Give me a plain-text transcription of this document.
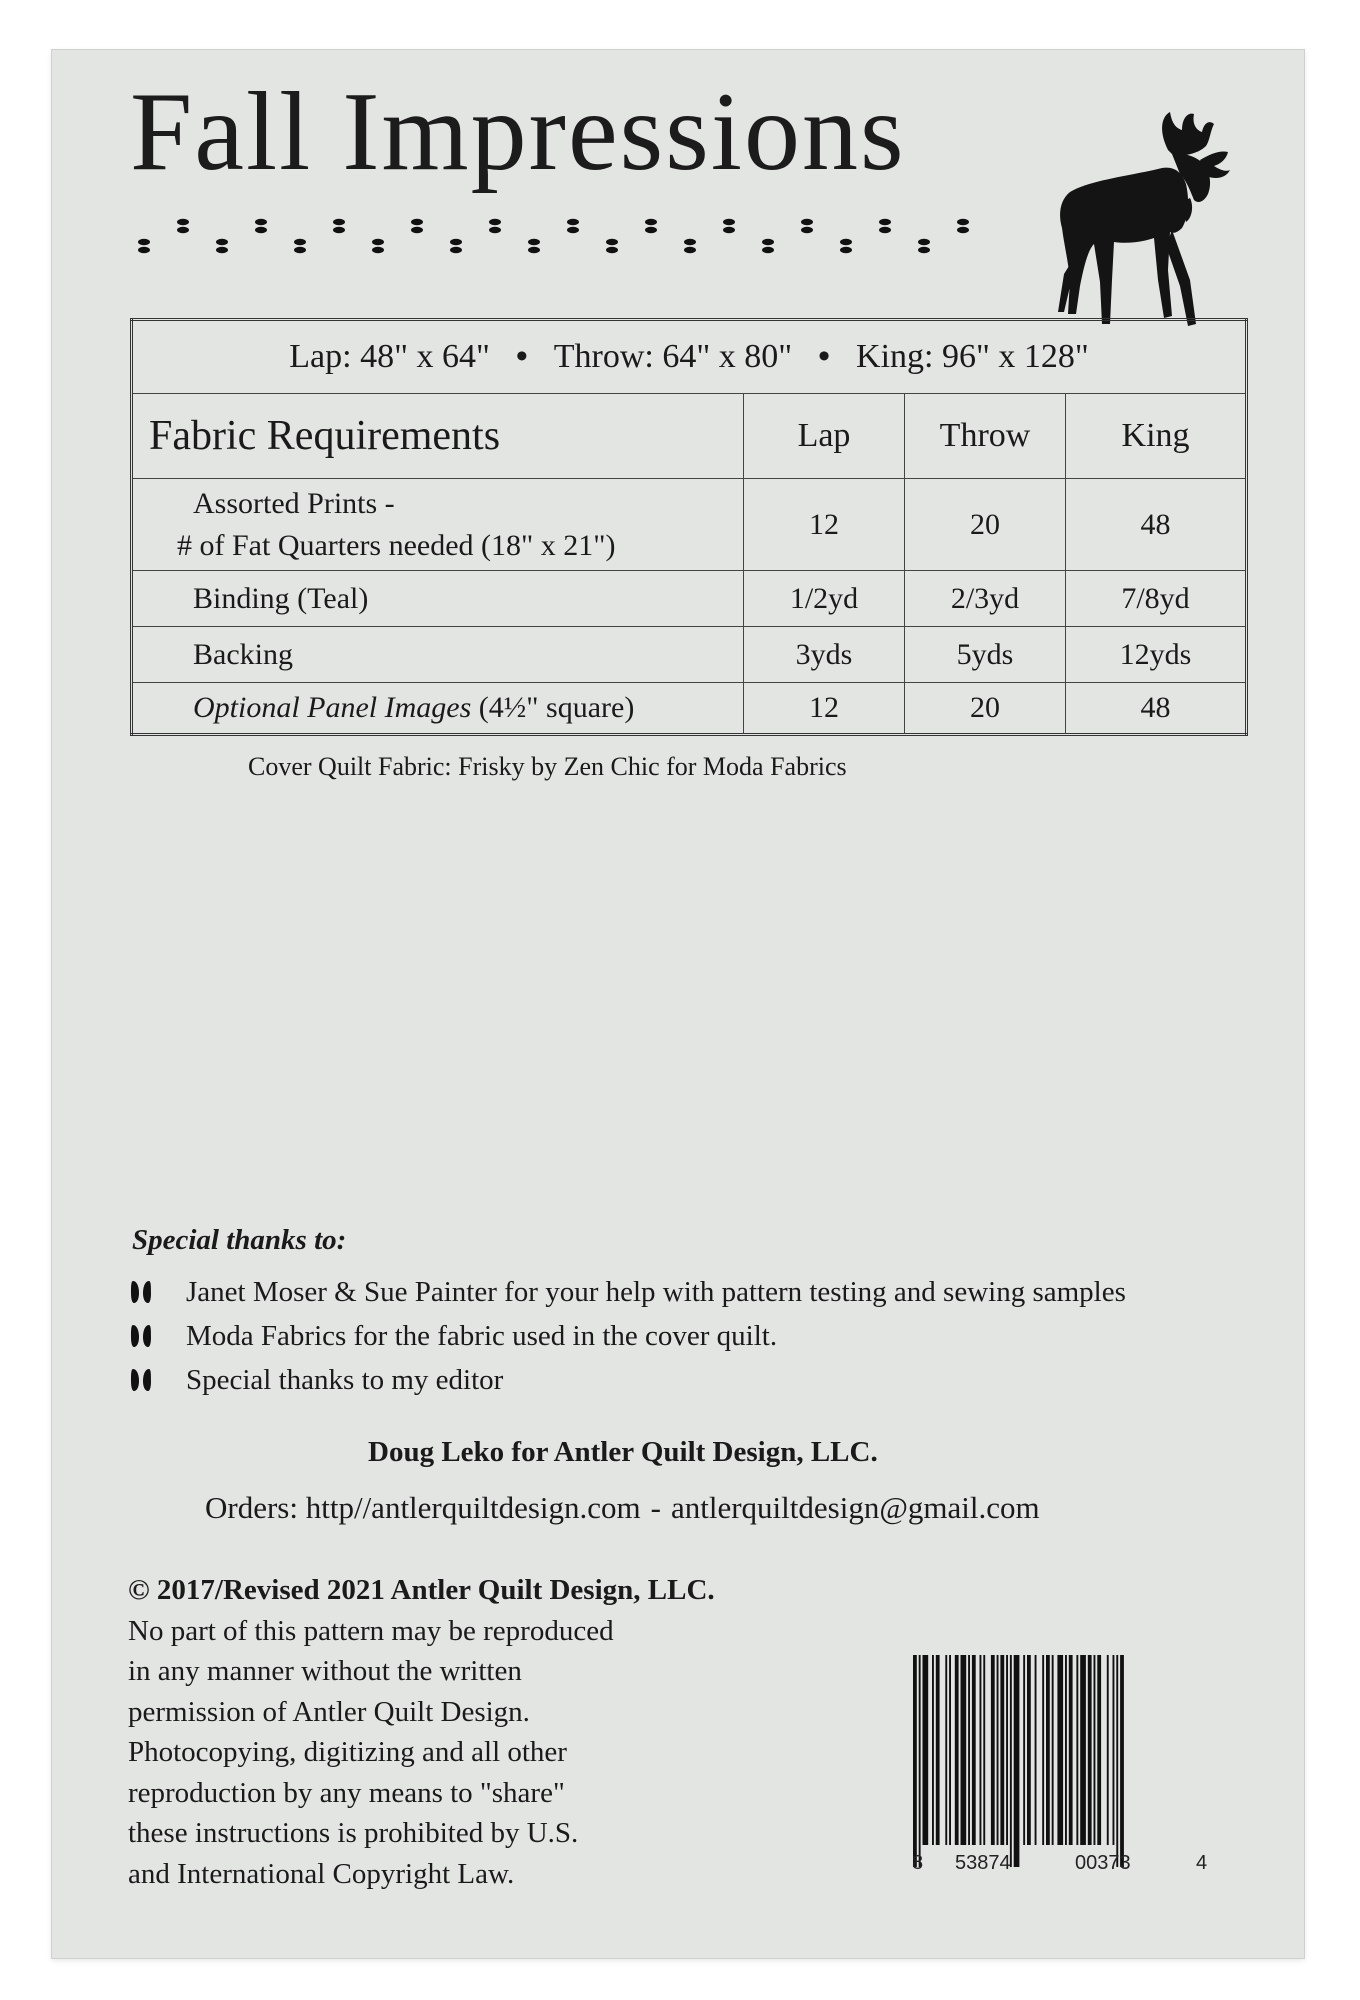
Fall Impressions
Lap: 48" x 64" • Throw: 64" x 80" • King: 96" x 128"			
Fabric Requirements	Lap	Throw	King

Assorted Prints -
# of Fat Quarters needed (18" x 21")	12	20	48
Binding (Teal)	1/2yd	2/3yd	7/8yd
Backing	3yds	5yds	12yds
Optional Panel Images (4½" square)	12	20	48
Cover Quilt Fabric: Frisky by Zen Chic for Moda Fabrics
Special thanks to:
Janet Moser & Sue Painter for your help with pattern testing and sewing samples
Moda Fabrics for the fabric used in the cover quilt.
Special thanks to my editor
Doug Leko for Antler Quilt Design, LLC.
Orders: http//antlerquiltdesign.com - antlerquiltdesign@gmail.com
© 2017/Revised 2021 Antler Quilt Design, LLC.
No part of this pattern may be reproduced
in any manner without the written
permission of Antler Quilt Design.
Photocopying, digitizing and all other
reproduction by any means to "share"
these instructions is prohibited by U.S.
and International Copyright Law.	8 53874	00373	4
